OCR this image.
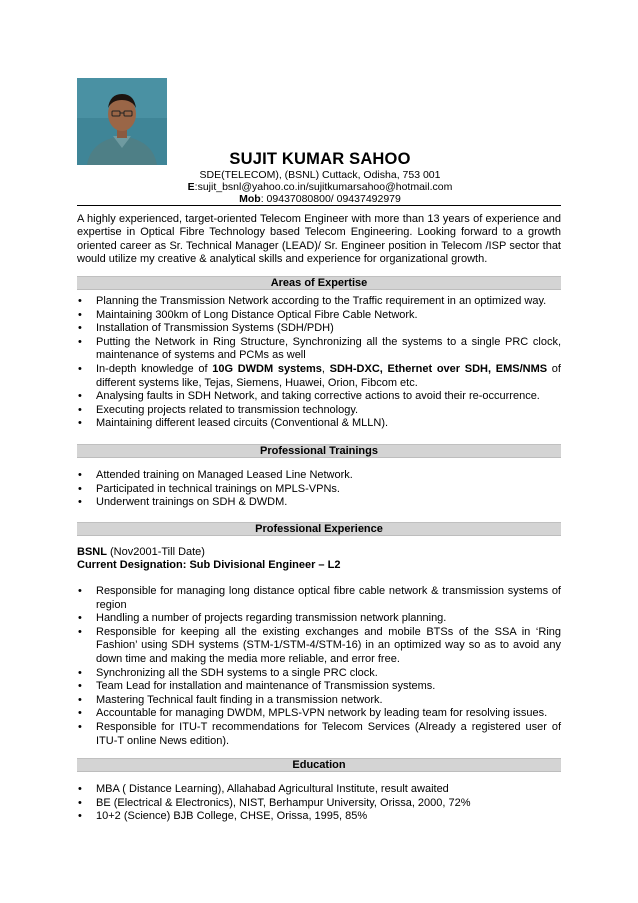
SUJIT KUMAR SAHOO
SDE(TELECOM), (BSNL) Cuttack, Odisha, 753 001
E:sujit_bsnl@yahoo.co.in/sujitkumarsahoo@hotmail.com
Mob: 09437080800/ 09437492979
A highly experienced, target-oriented Telecom Engineer with more than 13 years of experience and expertise in Optical Fibre Technology based Telecom Engineering. Looking forward to a growth oriented career as Sr. Technical Manager (LEAD)/ Sr. Engineer position in Telecom /ISP sector that would utilize my creative & analytical skills and experience for organizational growth.
Areas of Expertise
• Planning the Transmission Network according to the Traffic requirement in an optimized way.
• Maintaining 300km of Long Distance Optical Fibre Cable Network.
• Installation of Transmission Systems (SDH/PDH)
• Putting the Network in Ring Structure, Synchronizing all the systems to a single PRC clock, maintenance of systems and PCMs as well
• In-depth knowledge of 10G DWDM systems, SDH-DXC, Ethernet over SDH, EMS/NMS of different systems like, Tejas, Siemens, Huawei, Orion, Fibcom etc.
• Analysing faults in SDH Network, and taking corrective actions to avoid their re-occurrence.
• Executing projects related to transmission technology.
• Maintaining different leased circuits (Conventional & MLLN).
Professional Trainings
• Attended training on Managed Leased Line Network.
• Participated in technical trainings on MPLS-VPNs.
• Underwent trainings on SDH & DWDM.
Professional Experience
BSNL (Nov2001-Till Date)
Current Designation: Sub Divisional Engineer – L2
• Responsible for managing long distance optical fibre cable network & transmission systems of region
• Handling a number of projects regarding transmission network planning.
• Responsible for keeping all the existing exchanges and mobile BTSs of the SSA in ‘Ring Fashion’ using SDH systems (STM-1/STM-4/STM-16) in an optimized way so as to avoid any down time and making the media more reliable, and error free.
• Synchronizing all the SDH systems to a single PRC clock.
• Team Lead for installation and maintenance of Transmission systems.
• Mastering Technical fault finding in a transmission network.
• Accountable for managing DWDM, MPLS-VPN network by leading team for resolving issues.
• Responsible for ITU-T recommendations for Telecom Services (Already a registered user of ITU-T online News edition).
Education
• MBA ( Distance Learning), Allahabad Agricultural Institute, result awaited
• BE (Electrical & Electronics), NIST, Berhampur University, Orissa, 2000, 72%
• 10+2 (Science) BJB College, CHSE, Orissa, 1995, 85%
